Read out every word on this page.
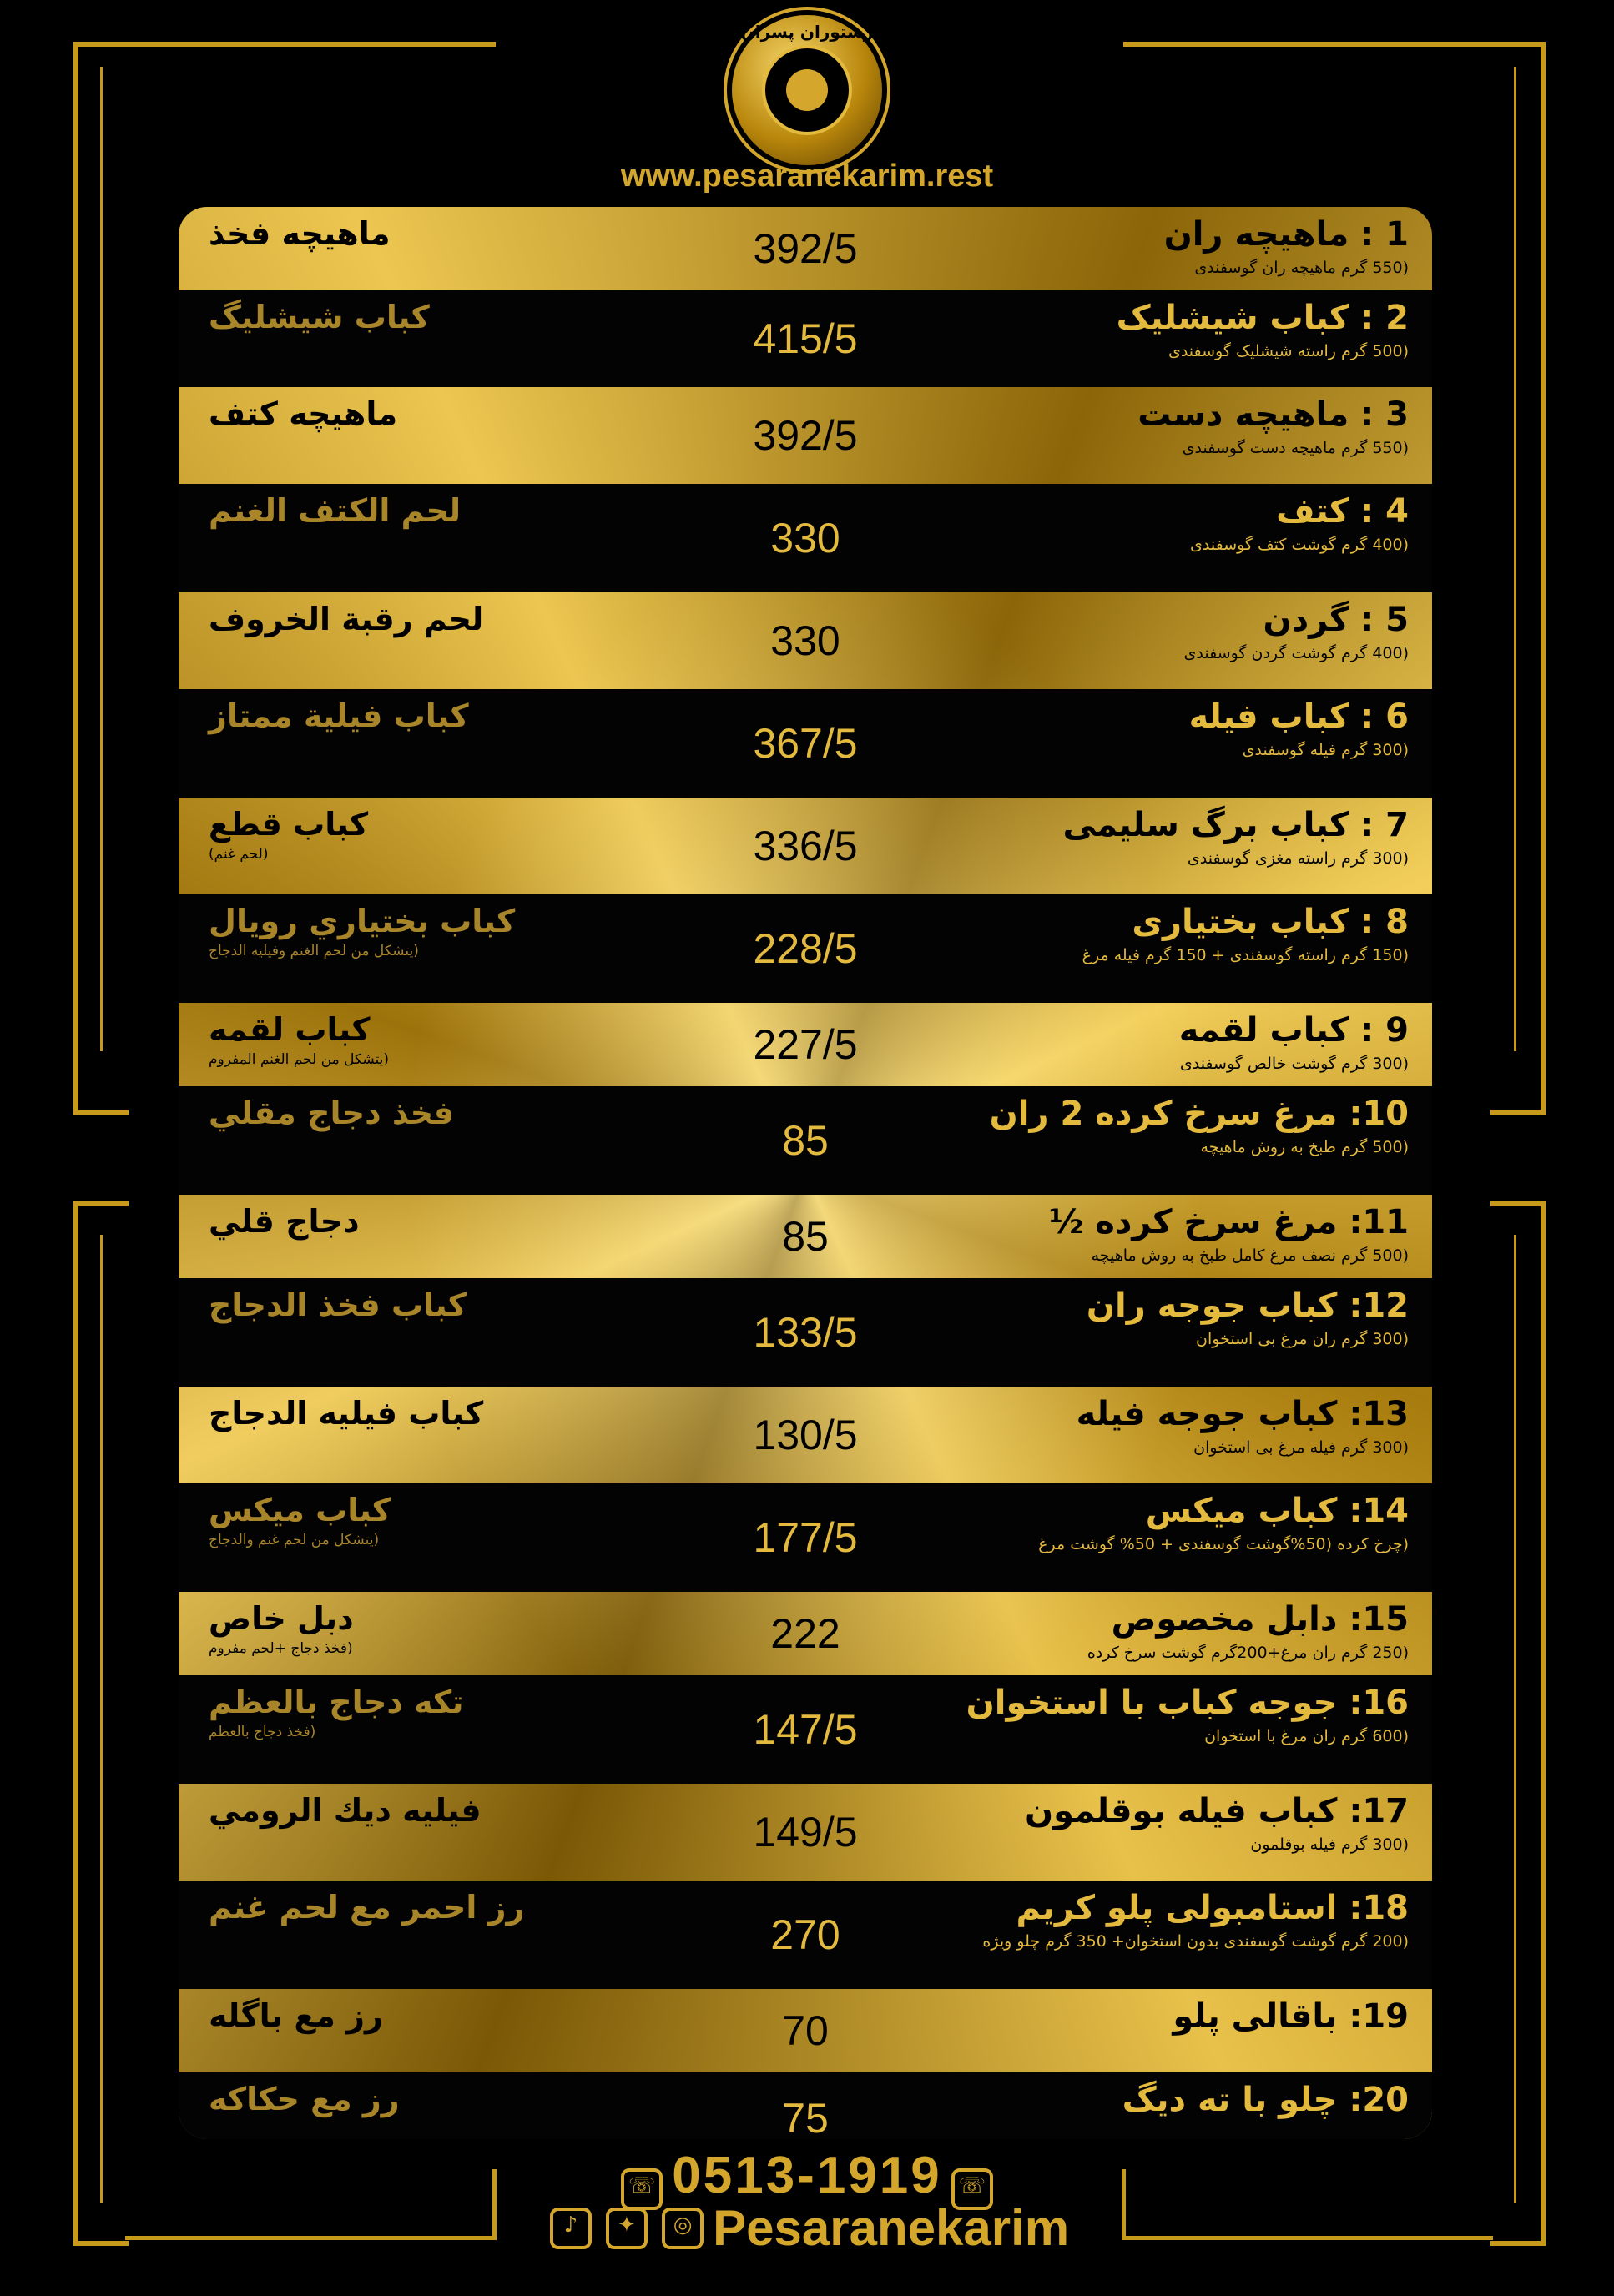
رستوران پسران
www.pesaranekarim.rest
1 : ماهیچه ران
(550 گرم ماهیچه ران گوسفندی
392/5
ماهيچه فخذ
2 : کباب شیشلیک
(500 گرم راسته شیشلیک گوسفندی
415/5
كباب شيشليگ
3 : ماهیچه دست
(550 گرم ماهیچه دست گوسفندی
392/5
ماهيچه كتف
4 : کتف
(400 گرم گوشت کتف گوسفندی
330
لحم الكتف الغنم
5 : گردن
(400 گرم گوشت گردن گوسفندی
330
لحم رقبة الخروف
6 : کباب فیله
(300 گرم فیله گوسفندی
367/5
كباب فيلية ممتاز
7 : کباب برگ سلیمی
(300 گرم راسته مغزی گوسفندی
336/5
كباب قطع
(لحم غنم)
8 : کباب بختیاری
(150 گرم راسته گوسفندی + 150 گرم فیله مرغ
228/5
كباب بختياري رويال
(يتشكل من لحم الغنم وفيليه الدجاج
9 : کباب لقمه
(300 گرم گوشت خالص گوسفندی
227/5
كباب لقمه
(يتشكل من لحم الغنم المفروم
10: مرغ سرخ کرده 2 ران
(500 گرم طبخ به روش ماهیچه
85
فخذ دجاج مقلي
11: مرغ سرخ کرده ½
(500 گرم نصف مرغ کامل طبخ به روش ماهیچه
85
دجاج قلي
12: کباب جوجه ران
(300 گرم ران مرغ بی استخوان
133/5
كباب فخذ الدجاج
13: کباب جوجه فیله
(300 گرم فیله مرغ بی استخوان
130/5
كباب فيليه الدجاج
14: کباب میکس
(چرخ کرده (50%گوشت گوسفندی + 50% گوشت مرغ
177/5
كباب ميكس
(يتشكل من لحم غنم والدجاج
15: دابل مخصوص
(250 گرم ران مرغ+200گرم گوشت سرخ کرده
222
دبل خاص
(فخذ دجاج +لحم مفروم
16: جوجه کباب با استخوان
(600 گرم ران مرغ با استخوان
147/5
تكه دجاج بالعظم
(فخذ دجاج بالعظم
17: کباب فیله بوقلمون
(300 گرم فیله بوقلمون
149/5
فيليه ديك الرومي
18: استامبولی پلو کریم
(200 گرم گوشت گوسفندی بدون استخوان+ 350 گرم چلو ویژه
270
رز احمر مع لحم غنم
19: باقالی پلو
70
رز مع باگله
20: چلو با ته دیگ
75
رز مع حكاكه
☏ 0513-1919 ☏
♪
	✦
	◎ Pesaranekarim
